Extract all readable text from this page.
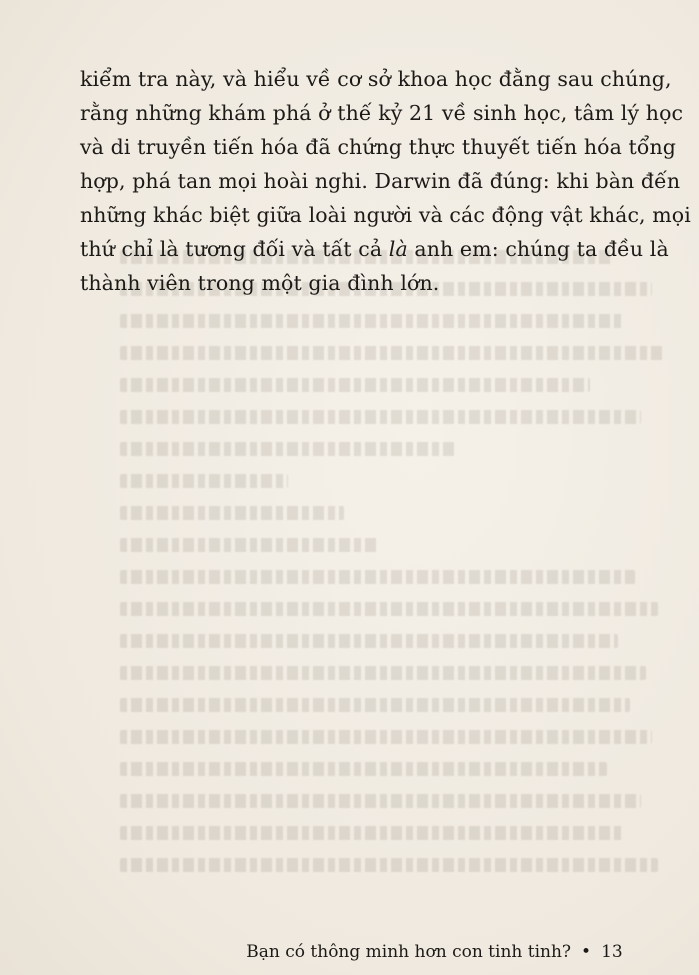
kiểm tra này, và hiểu về cơ sở khoa học đằng sau chúng,
rằng những khám phá ở thế kỷ 21 về sinh học, tâm lý học
và di truyền tiến hóa đã chứng thực thuyết tiến hóa tổng
hợp, phá tan mọi hoài nghi. Darwin đã đúng: khi bàn đến
những khác biệt giữa loài người và các động vật khác, mọi
thứ chỉ là tương đối và tất cả là anh em: chúng ta đều là
thành viên trong một gia đình lớn.

Bạn có thông minh hơn con tinh tinh? • 13
